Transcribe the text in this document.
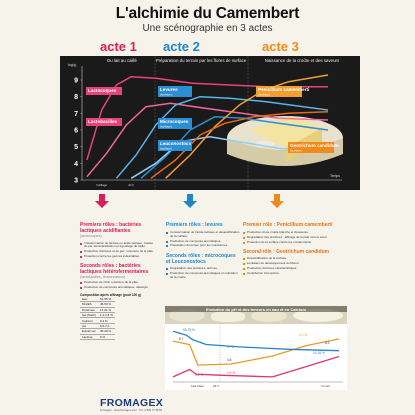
L'alchimie du Camembert
Une scénographie en 3 actes
acte 1 acte 2	acte 3
Du lait au caillé	Préparation du terrain par les flores de surface	Naissance de la croûte et des saveurs
log/g
Temps
3
4
5
6
7
8
9
Caillage	24 h
Lactocoques
Lactobacilles
Levures
(surface)
Microcoques
(surface)
Leuconostocs
(surface)
Penicillium camemberti
(surface)
Geotrichum candidum
(surface)
Premiers rôles : bactéries lactiques acidifiantes
(lactocoques)
Transformation du lactose en acide lactique : baisse du pH, déminéralisation et égouttage du caillé.
Production d'arômes et de gaz, ouverture de la pâte.
Protection contre les germes indésirables.
Seconds rôles : bactéries lactiques hétérofermentaires
(lactobacilles, leuconostocs)
Production de CO2, ouverture de la pâte.
Production de composés aromatiques, diacétyle.
Composition après affinage (pour 100 g)
Eau	51-55 %
MG/ES	45-50 %
Protéines	17-21 %
Sel (NaCl)	1,2-1,8 %
Calcium	0,4 %
pH	6,5-7,0
Extrait sec	45-49 %
Lactose	0 %
Premiers rôles : levures
Consommation de l'acide lactique et désacidification de la surface.
Production de composés aromatiques.
Préparation du terrain pour les moisissures.
Seconds rôles : microcoques et Leuconostocs
Dégradation des protéines, arômes.
Production de composés aromatiques et coloration de la croûte.
Premier rôle : Penicillium camemberti
Production d'une croûte blanche et duveteuse.
Dégradation des protéines : affinage de la pâte vers le cœur.
Protection de la surface contre les contaminants.
Second rôle : Geotrichum candidum
Désacidification de la surface.
Limitation du développement du Mucor.
Production d'arômes caractéristiques.
Contribution à la texture.
Evolution du pH et des teneurs en eau et en Calcium
Lait initial	24 h	3 mois
6,7
4,6
6,9
65-75 %
47 %
0,4 %	0,9 %
2,0 %
14-16 %
FROMAGEX
Fromagex - www.fromagex.com - Tél : 0 800 77 88 99
